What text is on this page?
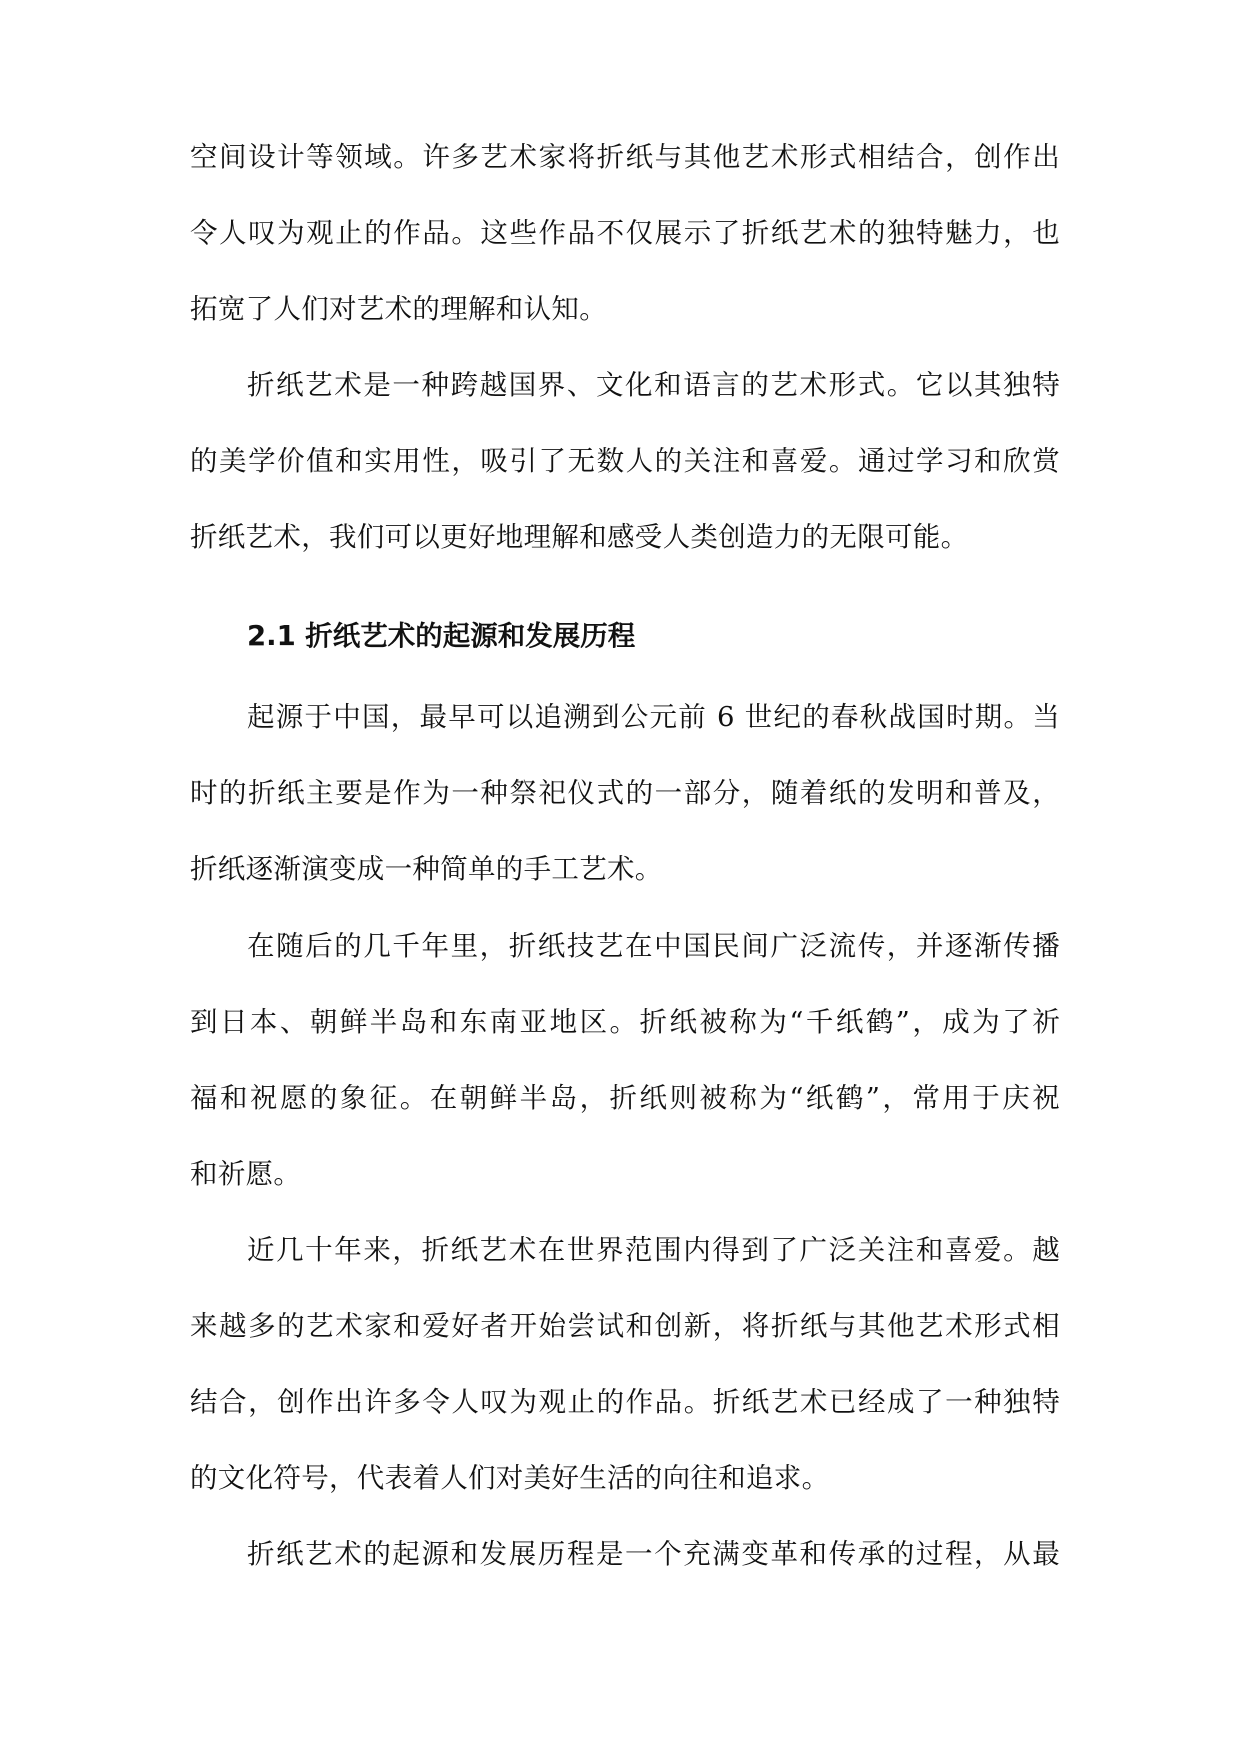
空间设计等领域。许多艺术家将折纸与其他艺术形式相结合，创作出
令人叹为观止的作品。这些作品不仅展示了折纸艺术的独特魅力，也
拓宽了人们对艺术的理解和认知。
折纸艺术是一种跨越国界、文化和语言的艺术形式。它以其独特
的美学价值和实用性，吸引了无数人的关注和喜爱。通过学习和欣赏
折纸艺术，我们可以更好地理解和感受人类创造力的无限可能。
2.1 折纸艺术的起源和发展历程
起源于中国，最早可以追溯到公元前 6 世纪的春秋战国时期。当
时的折纸主要是作为一种祭祀仪式的一部分，随着纸的发明和普及，
折纸逐渐演变成一种简单的手工艺术。
在随后的几千年里，折纸技艺在中国民间广泛流传，并逐渐传播
到日本、朝鲜半岛和东南亚地区。折纸被称为“千纸鹤”，成为了祈
福和祝愿的象征。在朝鲜半岛，折纸则被称为“纸鹤”，常用于庆祝
和祈愿。
近几十年来，折纸艺术在世界范围内得到了广泛关注和喜爱。越
来越多的艺术家和爱好者开始尝试和创新，将折纸与其他艺术形式相
结合，创作出许多令人叹为观止的作品。折纸艺术已经成了一种独特
的文化符号，代表着人们对美好生活的向往和追求。
折纸艺术的起源和发展历程是一个充满变革和传承的过程，从最
